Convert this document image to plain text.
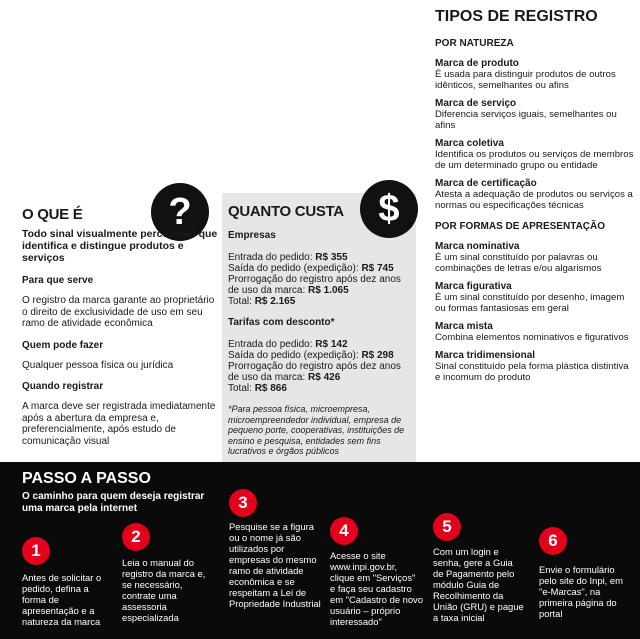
O QUE É	?
Todo sinal visualmente perceptível que identifica e distingue produtos e serviços
Para que serve
O registro da marca garante ao proprietário o direito de exclusividade de uso em seu ramo de atividade econômica
Quem pode fazer
Qualquer pessoa física ou jurídica
Quando registrar
A marca deve ser registrada imediatamente após a abertura da empresa e, preferencialmente, após estudo de comunicação visual
QUANTO CUSTA $
Empresas
Entrada do pedido: R$ 355
Saída do pedido (expedição): R$ 745
Prorrogação do registro após dez anos de uso da marca: R$ 1.065
Total: R$ 2.165
Tarifas com desconto*
Entrada do pedido: R$ 142
Saída do pedido (expedição): R$ 298
Prorrogação do registro após dez anos de uso da marca: R$ 426
Total: R$ 866
*Para pessoa física, microempresa, microempreendedor individual, empresa de pequeno porte, cooperativas, instituições de ensino e pesquisa, entidades sem fins lucrativos e órgãos públicos
TIPOS DE REGISTRO
POR NATUREZA
Marca de produto
É usada para distinguir produtos de outros idênticos, semelhantes ou afins
Marca de serviço
Diferencia serviços iguais, semelhantes ou afins
Marca coletiva
Identifica os produtos ou serviços de membros de um determinado grupo ou entidade
Marca de certificação
Atesta a adequação de produtos ou serviços a normas ou especificações técnicas
POR FORMAS DE APRESENTAÇÃO
Marca nominativa
É um sinal constituído por palavras ou combinações de letras e/ou algarismos
Marca figurativa
É um sinal constituído por desenho, imagem ou formas fantasiosas em geral
Marca mista
Combina elementos nominativos e figurativos
Marca tridimensional
Sinal constituído pela forma plástica distintiva e incomum do produto
PASSO A PASSO
O caminho para quem deseja registrar uma marca pela internet
1
Antes de solicitar o pedido, defina a forma de apresentação e a natureza da marca
2
Leia o manual do registro da marca e, se necessário, contrate uma assessoria especializada
3
Pesquise se a figura ou o nome já são utilizados por empresas do mesmo ramo de atividade econômica e se respeitam a Lei de Propriedade Industrial
4
Acesse o site www.inpi.gov.br, clique em "Serviços" e faça seu cadastro em "Cadastro de novo usuário – próprio interessado"
5
Com um login e senha, gere a Guia de Pagamento pelo módulo Guia de Recolhimento da União (GRU) e pague a taxa inicial
6
Envie o formulário pelo site do Inpi, em "e-Marcas", na primeira página do portal
